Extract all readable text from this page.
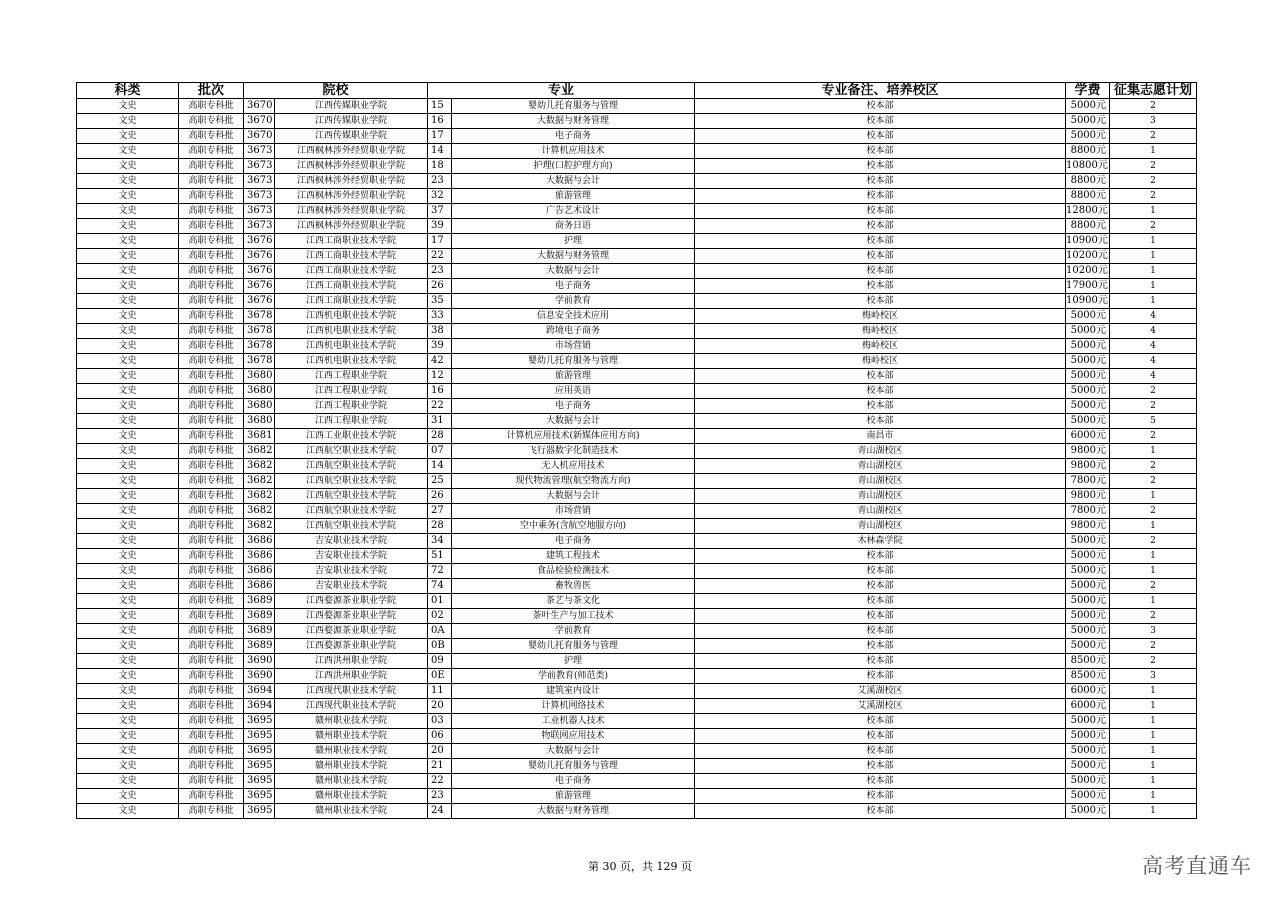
科类	批次	院校		专业		专业备注、培养校区	学费	征集志愿计划
文史	高职专科批	3670	江西传媒职业学院	15	婴幼儿托育服务与管理	校本部	5000元	2
文史	高职专科批	3670	江西传媒职业学院	16	大数据与财务管理	校本部	5000元	3
文史	高职专科批	3670	江西传媒职业学院	17	电子商务	校本部	5000元	2
文史	高职专科批	3673	江西枫林涉外经贸职业学院	14	计算机应用技术	校本部	8800元	1
文史	高职专科批	3673	江西枫林涉外经贸职业学院	18	护理(口腔护理方向)	校本部	10800元	2
文史	高职专科批	3673	江西枫林涉外经贸职业学院	23	大数据与会计	校本部	8800元	2
文史	高职专科批	3673	江西枫林涉外经贸职业学院	32	旅游管理	校本部	8800元	2
文史	高职专科批	3673	江西枫林涉外经贸职业学院	37	广告艺术设计	校本部	12800元	1
文史	高职专科批	3673	江西枫林涉外经贸职业学院	39	商务日语	校本部	8800元	2
文史	高职专科批	3676	江西工商职业技术学院	17	护理	校本部	10900元	1
文史	高职专科批	3676	江西工商职业技术学院	22	大数据与财务管理	校本部	10200元	1
文史	高职专科批	3676	江西工商职业技术学院	23	大数据与会计	校本部	10200元	1
文史	高职专科批	3676	江西工商职业技术学院	26	电子商务	校本部	17900元	1
文史	高职专科批	3676	江西工商职业技术学院	35	学前教育	校本部	10900元	1
文史	高职专科批	3678	江西机电职业技术学院	33	信息安全技术应用	梅岭校区	5000元	4
文史	高职专科批	3678	江西机电职业技术学院	38	跨境电子商务	梅岭校区	5000元	4
文史	高职专科批	3678	江西机电职业技术学院	39	市场营销	梅岭校区	5000元	4
文史	高职专科批	3678	江西机电职业技术学院	42	婴幼儿托育服务与管理	梅岭校区	5000元	4
文史	高职专科批	3680	江西工程职业学院	12	旅游管理	校本部	5000元	4
文史	高职专科批	3680	江西工程职业学院	16	应用英语	校本部	5000元	2
文史	高职专科批	3680	江西工程职业学院	22	电子商务	校本部	5000元	2
文史	高职专科批	3680	江西工程职业学院	31	大数据与会计	校本部	5000元	5
文史	高职专科批	3681	江西工业职业技术学院	28	计算机应用技术(新媒体应用方向)	南昌市	6000元	2
文史	高职专科批	3682	江西航空职业技术学院	07	飞行器数字化制造技术	青山湖校区	9800元	1
文史	高职专科批	3682	江西航空职业技术学院	14	无人机应用技术	青山湖校区	9800元	2
文史	高职专科批	3682	江西航空职业技术学院	25	现代物流管理(航空物流方向)	青山湖校区	7800元	2
文史	高职专科批	3682	江西航空职业技术学院	26	大数据与会计	青山湖校区	9800元	1
文史	高职专科批	3682	江西航空职业技术学院	27	市场营销	青山湖校区	7800元	2
文史	高职专科批	3682	江西航空职业技术学院	28	空中乘务(含航空地服方向)	青山湖校区	9800元	1
文史	高职专科批	3686	吉安职业技术学院	34	电子商务	木林森学院	5000元	2
文史	高职专科批	3686	吉安职业技术学院	51	建筑工程技术	校本部	5000元	1
文史	高职专科批	3686	吉安职业技术学院	72	食品检验检测技术	校本部	5000元	1
文史	高职专科批	3686	吉安职业技术学院	74	畜牧兽医	校本部	5000元	2
文史	高职专科批	3689	江西婺源茶业职业学院	01	茶艺与茶文化	校本部	5000元	1
文史	高职专科批	3689	江西婺源茶业职业学院	02	茶叶生产与加工技术	校本部	5000元	2
文史	高职专科批	3689	江西婺源茶业职业学院	0A	学前教育	校本部	5000元	3
文史	高职专科批	3689	江西婺源茶业职业学院	0B	婴幼儿托育服务与管理	校本部	5000元	2
文史	高职专科批	3690	江西洪州职业学院	09	护理	校本部	8500元	2
文史	高职专科批	3690	江西洪州职业学院	0E	学前教育(师范类)	校本部	8500元	3
文史	高职专科批	3694	江西现代职业技术学院	11	建筑室内设计	艾溪湖校区	6000元	1
文史	高职专科批	3694	江西现代职业技术学院	20	计算机网络技术	艾溪湖校区	6000元	1
文史	高职专科批	3695	赣州职业技术学院	03	工业机器人技术	校本部	5000元	1
文史	高职专科批	3695	赣州职业技术学院	06	物联网应用技术	校本部	5000元	1
文史	高职专科批	3695	赣州职业技术学院	20	大数据与会计	校本部	5000元	1
文史	高职专科批	3695	赣州职业技术学院	21	婴幼儿托育服务与管理	校本部	5000元	1
文史	高职专科批	3695	赣州职业技术学院	22	电子商务	校本部	5000元	1
文史	高职专科批	3695	赣州职业技术学院	23	旅游管理	校本部	5000元	1
文史	高职专科批	3695	赣州职业技术学院	24	大数据与财务管理	校本部	5000元	1
第 30 页，共 129 页	高考直通车
